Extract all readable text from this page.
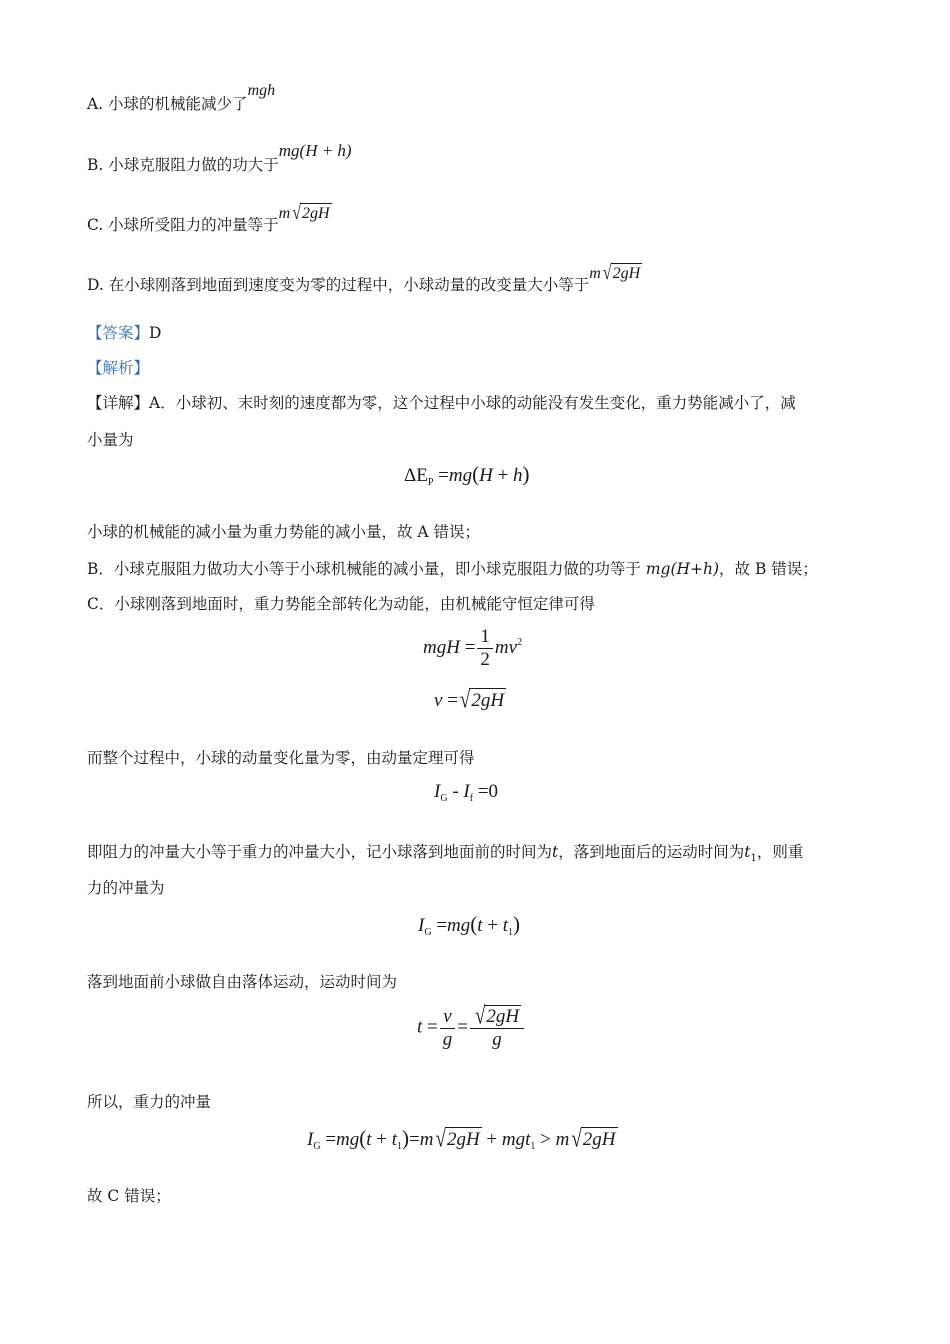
A. 小球的机械能减少了mgh
B. 小球克服阻力做的功大于mg(H + h)
C. 小球所受阻力的冲量等于m √2gH
D. 在小球刚落到地面到速度变为零的过程中，小球动量的改变量大小等于m √2gH
【答案】D
【解析】
【详解】A．小球初、末时刻的速度都为零，这个过程中小球的动能没有发生变化，重力势能减小了，减
小量为
$\Delta E_P =mg(H + h)$
小球的机械能的减小量为重力势能的减小量，故 A 错误；
B．小球克服阻力做功大小等于小球机械能的减小量，即小球克服阻力做的功等于 mg(H+h)，故 B 错误；
C．小球刚落到地面时，重力势能全部转化为动能，由机械能守恒定律可得
mgH = $\frac{1}{2} mv^2$
v = √2gH
而整个过程中，小球的动量变化量为零，由动量定理可得
$I_G - I_f =0$
即阻力的冲量大小等于重力的冲量大小，记小球落到地面前的时间为t，落到地面后的运动时间为$t_1$，则重
力的冲量为
$I_G =mg(t + t_1)$
落到地面前小球做自由落体运动，运动时间为
$t = \frac{v}{g} = \frac{√2gH}{g}$
所以，重力的冲量
$I_G =mg(t + t_1)=m$ √2gH + mgt$_1$ > m √2gH
故 C 错误；
